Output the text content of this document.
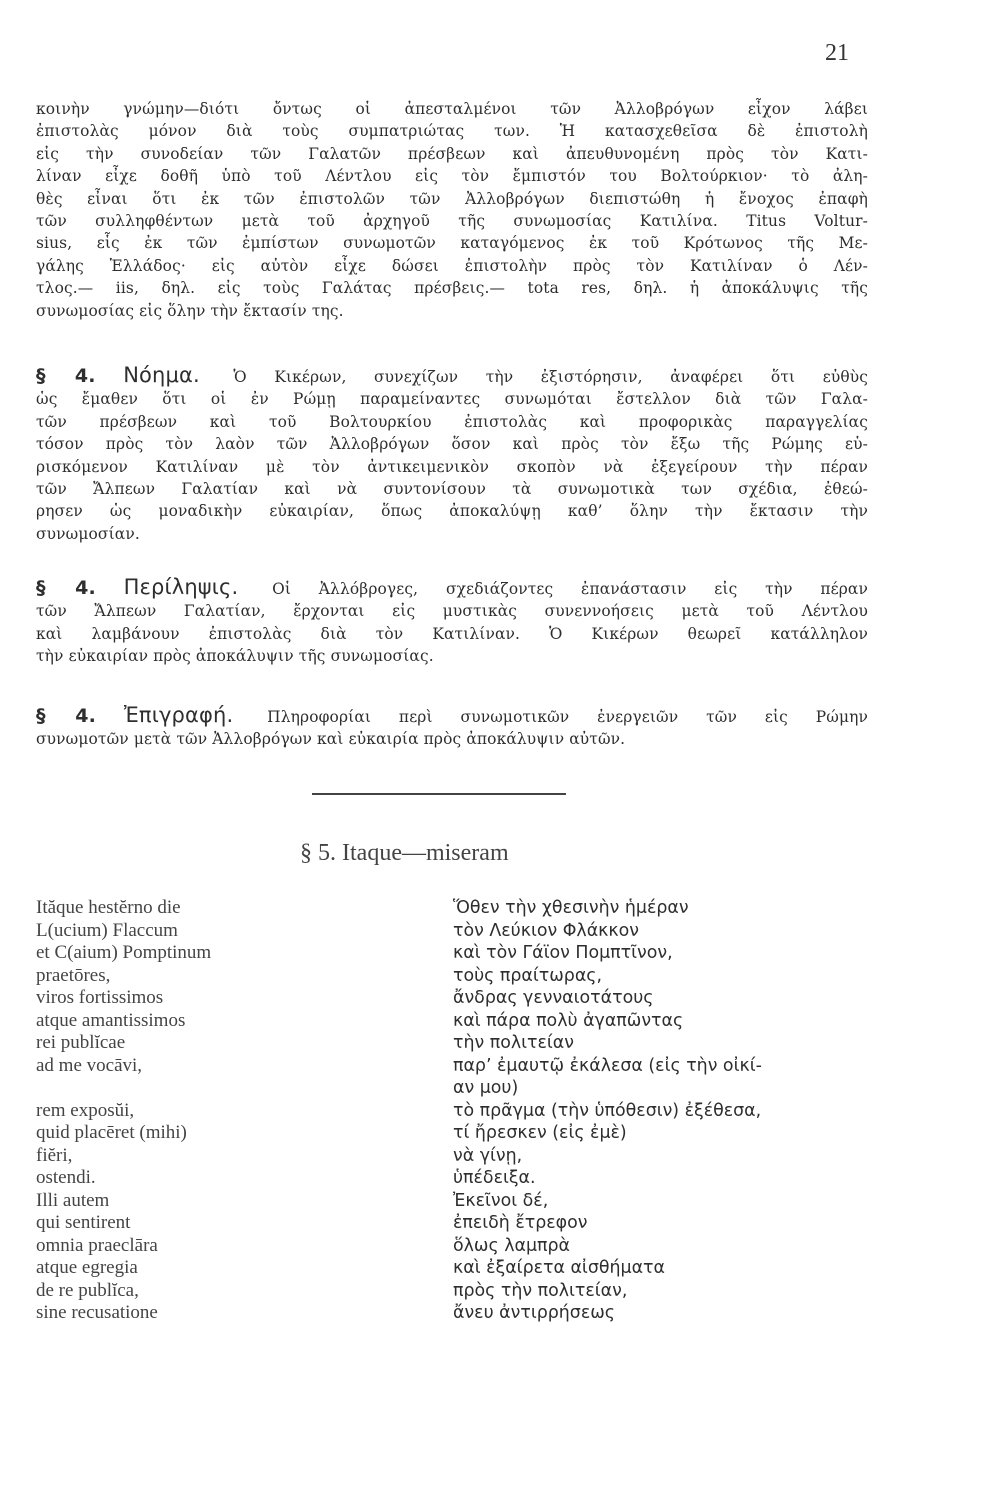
21
κοινὴν γνώμην—διότι ὄντως οἱ ἀπεσταλμένοι τῶν Ἀλλοβρόγων εἶχον λάβει
ἐπιστολὰς μόνον διὰ τοὺς συμπατριώτας των. Ἡ κατασχεθεῖσα δὲ ἐπιστολὴ
εἰς τὴν συνοδείαν τῶν Γαλατῶν πρέσβεων καὶ ἀπευθυνομένη πρὸς τὸν Κατι-
λίναν εἶχε δοθῆ ὑπὸ τοῦ Λέντλου εἰς τὸν ἔμπιστόν του Βολτούρκιον· τὸ ἀλη-
θὲς εἶναι ὅτι ἐκ τῶν ἐπιστολῶν τῶν Ἀλλοβρόγων διεπιστώθη ἡ ἔνοχος ἐπαφὴ
τῶν συλληφθέντων μετὰ τοῦ ἀρχηγοῦ τῆς συνωμοσίας Κατιλίνα. Titus Voltur-
sius, εἷς ἐκ τῶν ἐμπίστων συνωμοτῶν καταγόμενος ἐκ τοῦ Κρότωνος τῆς Με-
γάλης Ἑλλάδος· εἰς αὐτὸν εἶχε δώσει ἐπιστολὴν πρὸς τὸν Κατιλίναν ὁ Λέν-
τλος.— iis, δηλ. εἰς τοὺς Γαλάτας πρέσβεις.— tota res, δηλ. ἡ ἀποκάλυψις τῆς
συνωμοσίας εἰς ὅλην τὴν ἔκτασίν της.
§ 4. Νόημα. Ὁ Κικέρων, συνεχίζων τὴν ἐξιστόρησιν, ἀναφέρει ὅτι εὐθὺς
ὡς ἔμαθεν ὅτι οἱ ἐν Ρώμῃ παραμείναντες συνωμόται ἔστελλον διὰ τῶν Γαλα-
τῶν πρέσβεων καὶ τοῦ Βολτουρκίου ἐπιστολὰς καὶ προφορικὰς παραγγελίας
τόσον πρὸς τὸν λαὸν τῶν Ἀλλοβρόγων ὅσον καὶ πρὸς τὸν ἔξω τῆς Ρώμης εὑ-
ρισκόμενον Κατιλίναν μὲ τὸν ἀντικειμενικὸν σκοπὸν νὰ ἐξεγείρουν τὴν πέραν
τῶν Ἄλπεων Γαλατίαν καὶ νὰ συντονίσουν τὰ συνωμοτικὰ των σχέδια, ἐθεώ-
ρησεν ὡς μοναδικὴν εὐκαιρίαν, ὅπως ἀποκαλύψῃ καθ’ ὅλην τὴν ἔκτασιν τὴν
συνωμοσίαν.
§ 4. Περίληψις. Οἱ Ἀλλόβρογες, σχεδιάζοντες ἐπανάστασιν εἰς τὴν πέραν
τῶν Ἄλπεων Γαλατίαν, ἔρχονται εἰς μυστικὰς συνεννοήσεις μετὰ τοῦ Λέντλου
καὶ λαμβάνουν ἐπιστολὰς διὰ τὸν Κατιλίναν. Ὁ Κικέρων θεωρεῖ κατάλληλον
τὴν εὐκαιρίαν πρὸς ἀποκάλυψιν τῆς συνωμοσίας.
§ 4. Ἐπιγραφή. Πληροφορίαι περὶ συνωμοτικῶν ἐνεργειῶν τῶν εἰς Ρώμην
συνωμοτῶν μετὰ τῶν Ἀλλοβρόγων καὶ εὐκαιρία πρὸς ἀποκάλυψιν αὐτῶν.
§ 5. Itaque—miseram
Ităque hestĕrno die
L(ucium) Flaccum
et C(aium) Pomptinum
praetōres,
viros fortissimos
atque amantissimos
rei publĭcae
ad me vocāvi,
rem exposŭi,
quid placēret (mihi)
fiĕri,
ostendi.
Illi autem
qui sentirent
omnia praeclāra
atque egregia
de re publĭca,
sine recusatione
Ὅθεν τὴν χθεσινὴν ἡμέραν
τὸν Λεύκιον Φλάκκον
καὶ τὸν Γάϊον Πομπτῖνον,
τοὺς πραίτωρας,
ἄνδρας γενναιοτάτους
καὶ πάρα πολὺ ἀγαπῶντας
τὴν πολιτείαν
παρ’ ἐμαυτῷ ἐκάλεσα (εἰς τὴν οἰκί-
αν μου)
τὸ πρᾶγμα (τὴν ὑπόθεσιν) ἐξέθεσα,
τί ἤρεσκεν (εἰς ἐμὲ)
νὰ γίνῃ,
ὑπέδειξα.
Ἐκεῖνοι δέ,
ἐπειδὴ ἔτρεφον
ὅλως λαμπρὰ
καὶ ἐξαίρετα αἰσθήματα
πρὸς τὴν πολιτείαν,
ἄνευ ἀντιρρήσεως
